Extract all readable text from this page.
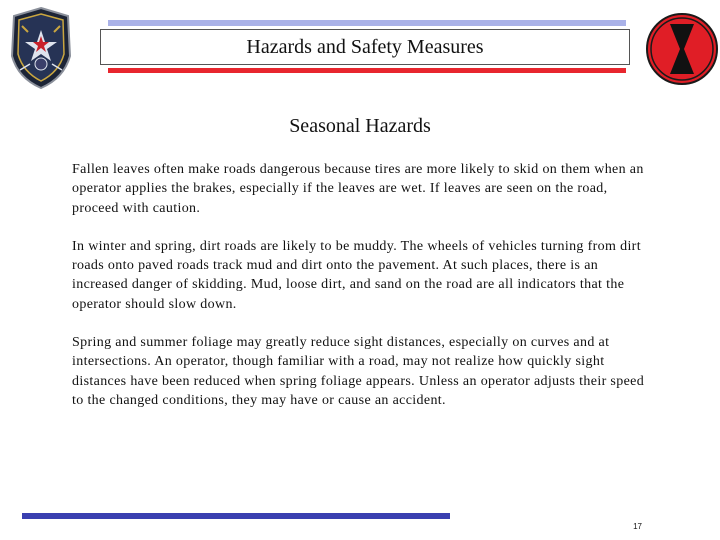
Hazards and Safety Measures
Seasonal Hazards

Fallen leaves often make roads dangerous because tires are more likely to skid on them when an operator applies the brakes, especially if the leaves are wet. If leaves are seen on the road, proceed with caution.

In winter and spring, dirt roads are likely to be muddy. The wheels of vehicles turning from dirt roads onto paved roads track mud and dirt onto the pavement. At such places, there is an increased danger of skidding. Mud, loose dirt, and sand on the road are all indicators that the operator should slow down.

Spring and summer foliage may greatly reduce sight distances, especially on curves and at intersections. An operator, though familiar with a road, may not realize how quickly sight distances have been reduced when spring foliage appears. Unless an operator adjusts their speed to the changed conditions, they may have or cause an accident.

17
